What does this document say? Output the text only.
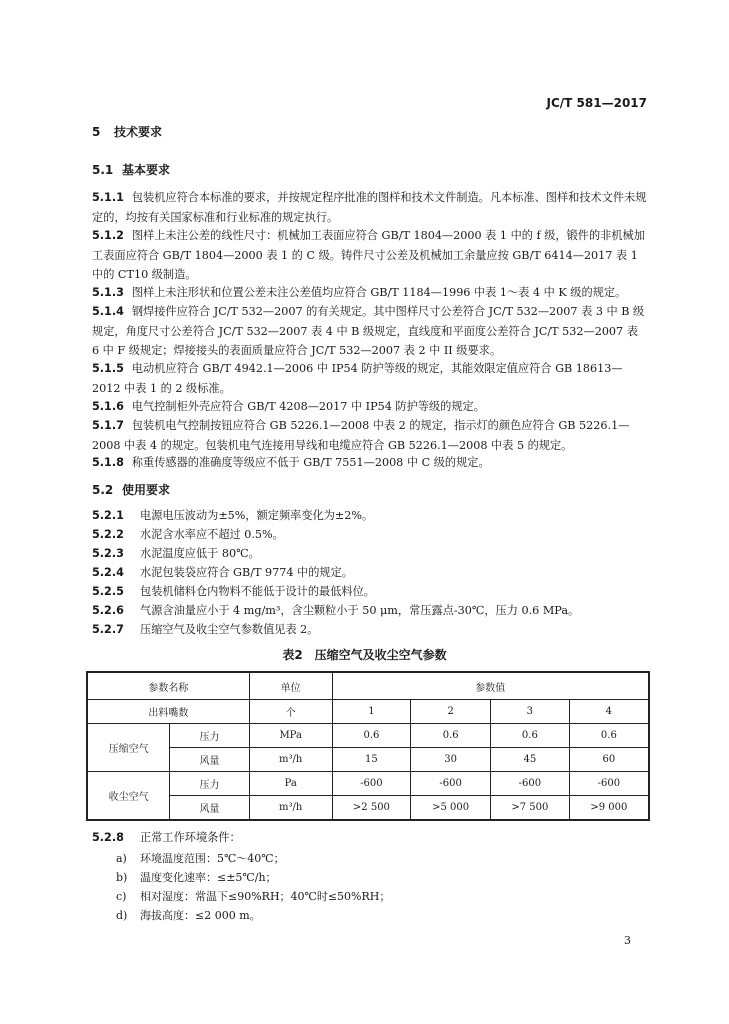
JC/T 581—2017
5 技术要求
5.1 基本要求
5.1.1 包装机应符合本标准的要求，并按规定程序批准的图样和技术文件制造。凡本标准、图样和技术文件未规定的，均按有关国家标准和行业标准的规定执行。
5.1.2 图样上未注公差的线性尺寸：机械加工表面应符合 GB/T 1804—2000 表 1 中的 f 级，锻件的非机械加工表面应符合 GB/T 1804—2000 表 1 的 C 级。铸件尺寸公差及机械加工余量应按 GB/T 6414—2017 表 1 中的 CT10 级制造。
5.1.3 图样上未注形状和位置公差未注公差值均应符合 GB/T 1184—1996 中表 1～表 4 中 K 级的规定。
5.1.4 钢焊接件应符合 JC/T 532—2007 的有关规定。其中图样尺寸公差符合 JC/T 532—2007 表 3 中 B 级规定，角度尺寸公差符合 JC/T 532—2007 表 4 中 B 级规定，直线度和平面度公差符合 JC/T 532—2007 表 6 中 F 级规定；焊接接头的表面质量应符合 JC/T 532—2007 表 2 中 II 级要求。
5.1.5 电动机应符合 GB/T 4942.1—2006 中 IP54 防护等级的规定，其能效限定值应符合 GB 18613—2012 中表 1 的 2 级标准。
5.1.6 电气控制柜外壳应符合 GB/T 4208—2017 中 IP54 防护等级的规定。
5.1.7 包装机电气控制按钮应符合 GB 5226.1—2008 中表 2 的规定，指示灯的颜色应符合 GB 5226.1—2008 中表 4 的规定。包装机电气连接用导线和电缆应符合 GB 5226.1—2008 中表 5 的规定。
5.1.8 称重传感器的准确度等级应不低于 GB/T 7551—2008 中 C 级的规定。
5.2 使用要求
5.2.1 电源电压波动为±5%，额定频率变化为±2%。
5.2.2 水泥含水率应不超过 0.5%。
5.2.3 水泥温度应低于 80℃。
5.2.4 水泥包装袋应符合 GB/T 9774 中的规定。
5.2.5 包装机储料仓内物料不能低于设计的最低料位。
5.2.6 气源含油量应小于 4 mg/m³，含尘颗粒小于 50 μm，常压露点-30℃，压力 0.6 MPa。
5.2.7 压缩空气及收尘空气参数值见表 2。
表2　压缩空气及收尘空气参数
参数名称		单位	参数值			
出料嘴数		个	1	2	3	4
压缩空气	压力	MPa	0.6	0.6	0.6	0.6
	风量	m³/h	15	30	45	60
收尘空气	压力	Pa	-600	-600	-600	-600
	风量	m³/h	>2 500	>5 000	>7 500	>9 000
5.2.8 正常工作环境条件：
a) 环境温度范围：5℃～40℃；
b) 温度变化速率：≤±5℃/h；
c) 相对湿度：常温下≤90%RH；40℃时≤50%RH；
d) 海拔高度：≤2 000 m。
3
